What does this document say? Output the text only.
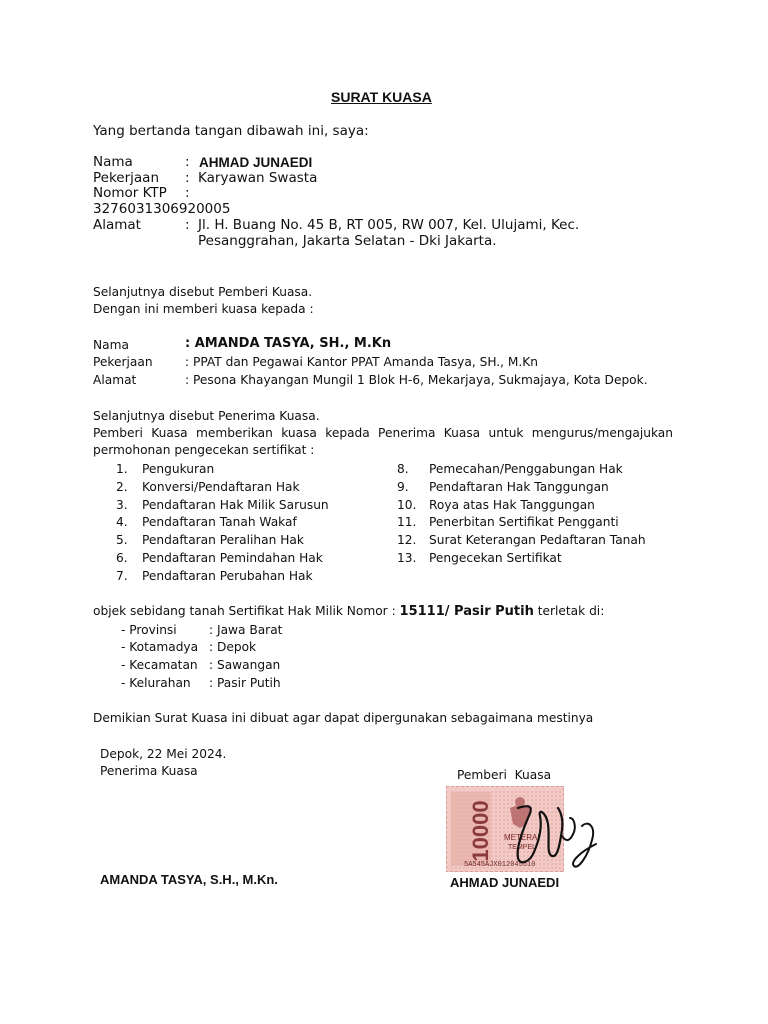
SURAT KUASA
Yang bertanda tangan dibawah ini, saya:
Nama	: AHMAD JUNAEDI
Pekerjaan : Karyawan Swasta
Nomor KTP :
3276031306920005
Alamat	: Jl. H. Buang No. 45 B, RT 005, RW 007, Kel. Ulujami, Kec.
Pesanggrahan, Jakarta Selatan - Dki Jakarta.
Selanjutnya disebut Pemberi Kuasa.
Dengan ini memberi kuasa kepada :
Nama	: AMANDA TASYA, SH., M.Kn
Pekerjaan	: PPAT dan Pegawai Kantor PPAT Amanda Tasya, SH., M.Kn
Alamat	: Pesona Khayangan Mungil 1 Blok H-6, Mekarjaya, Sukmajaya, Kota Depok.
Selanjutnya disebut Penerima Kuasa.
Pemberi Kuasa memberikan kuasa kepada Penerima Kuasa untuk mengurus/mengajukan
permohonan pengecekan sertifikat :
1. Pengukuran
2. Konversi/Pendaftaran Hak
3. Pendaftaran Hak Milik Sarusun
4. Pendaftaran Tanah Wakaf
5. Pendaftaran Peralihan Hak
6. Pendaftaran Pemindahan Hak
7. Pendaftaran Perubahan Hak
8. Pemecahan/Penggabungan Hak
9. Pendaftaran Hak Tanggungan
10. Roya atas Hak Tanggungan
11. Penerbitan Sertifikat Pengganti
12. Surat Keterangan Pedaftaran Tanah
13. Pengecekan Sertifikat
objek sebidang tanah Sertifikat Hak Milik Nomor : 15111/ Pasir Putih terletak di:
- Provinsi	: Jawa Barat
- Kotamadya : Depok
- Kecamatan : Sawangan
- Kelurahan : Pasir Putih
Demikian Surat Kuasa ini dibuat agar dapat dipergunakan sebagaimana mestinya
Depok, 22 Mei 2024.
Penerima Kuasa	Pemberi  Kuasa
10000 METERAI
TEMPEL
5A545AJX012045510
AMANDA TASYA, S.H., M.Kn.	AHMAD JUNAEDI
